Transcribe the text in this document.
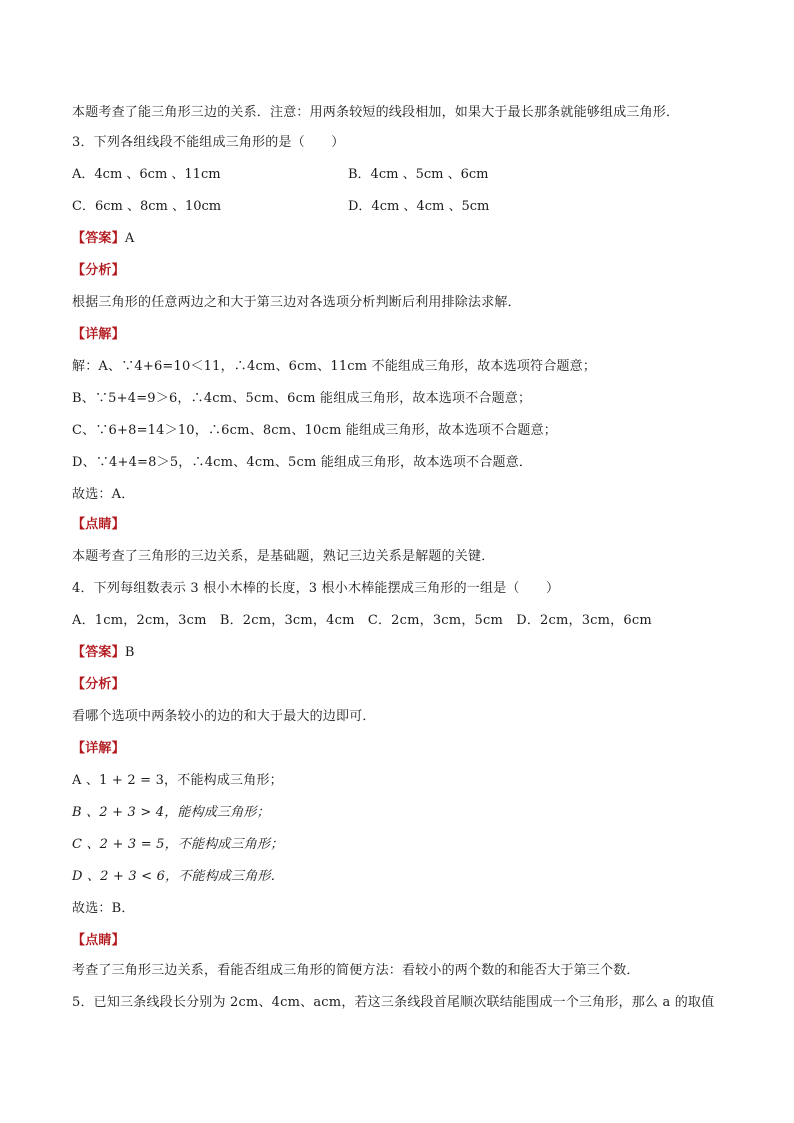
本题考查了能三角形三边的关系．注意：用两条较短的线段相加，如果大于最长那条就能够组成三角形．
3．下列各组线段不能组成三角形的是（　　）
A．4cm 、6cm 、11cm	B．4cm 、5cm 、6cm
C．6cm 、8cm 、10cm	D．4cm 、4cm 、5cm
【答案】A
【分析】
根据三角形的任意两边之和大于第三边对各选项分析判断后利用排除法求解．
【详解】
解：A、∵4+6=10＜11，∴4cm、6cm、11cm 不能组成三角形，故本选项符合题意；
B、∵5+4=9＞6，∴4cm、5cm、6cm 能组成三角形，故本选项不合题意；
C、∵6+8=14＞10，∴6cm、8cm、10cm 能组成三角形，故本选项不合题意；
D、∵4+4=8＞5，∴4cm、4cm、5cm 能组成三角形，故本选项不合题意．
故选：A．
【点睛】
本题考查了三角形的三边关系，是基础题，熟记三边关系是解题的关键．
4．下列每组数表示 3 根小木棒的长度，3 根小木棒能摆成三角形的一组是（　　）
A．1cm，2cm，3cm　B．2cm，3cm，4cm　C．2cm，3cm，5cm　D．2cm，3cm，6cm
【答案】B
【分析】
看哪个选项中两条较小的边的和大于最大的边即可．
【详解】
A 、1 + 2 = 3，不能构成三角形；
B 、2 + 3 > 4，能构成三角形；
C 、2 + 3 = 5，不能构成三角形；
D 、2 + 3 < 6，不能构成三角形．
故选：B．
【点睛】
考查了三角形三边关系，看能否组成三角形的简便方法：看较小的两个数的和能否大于第三个数．
5．已知三条线段长分别为 2cm、4cm、acm，若这三条线段首尾顺次联结能围成一个三角形，那么 a 的取值
